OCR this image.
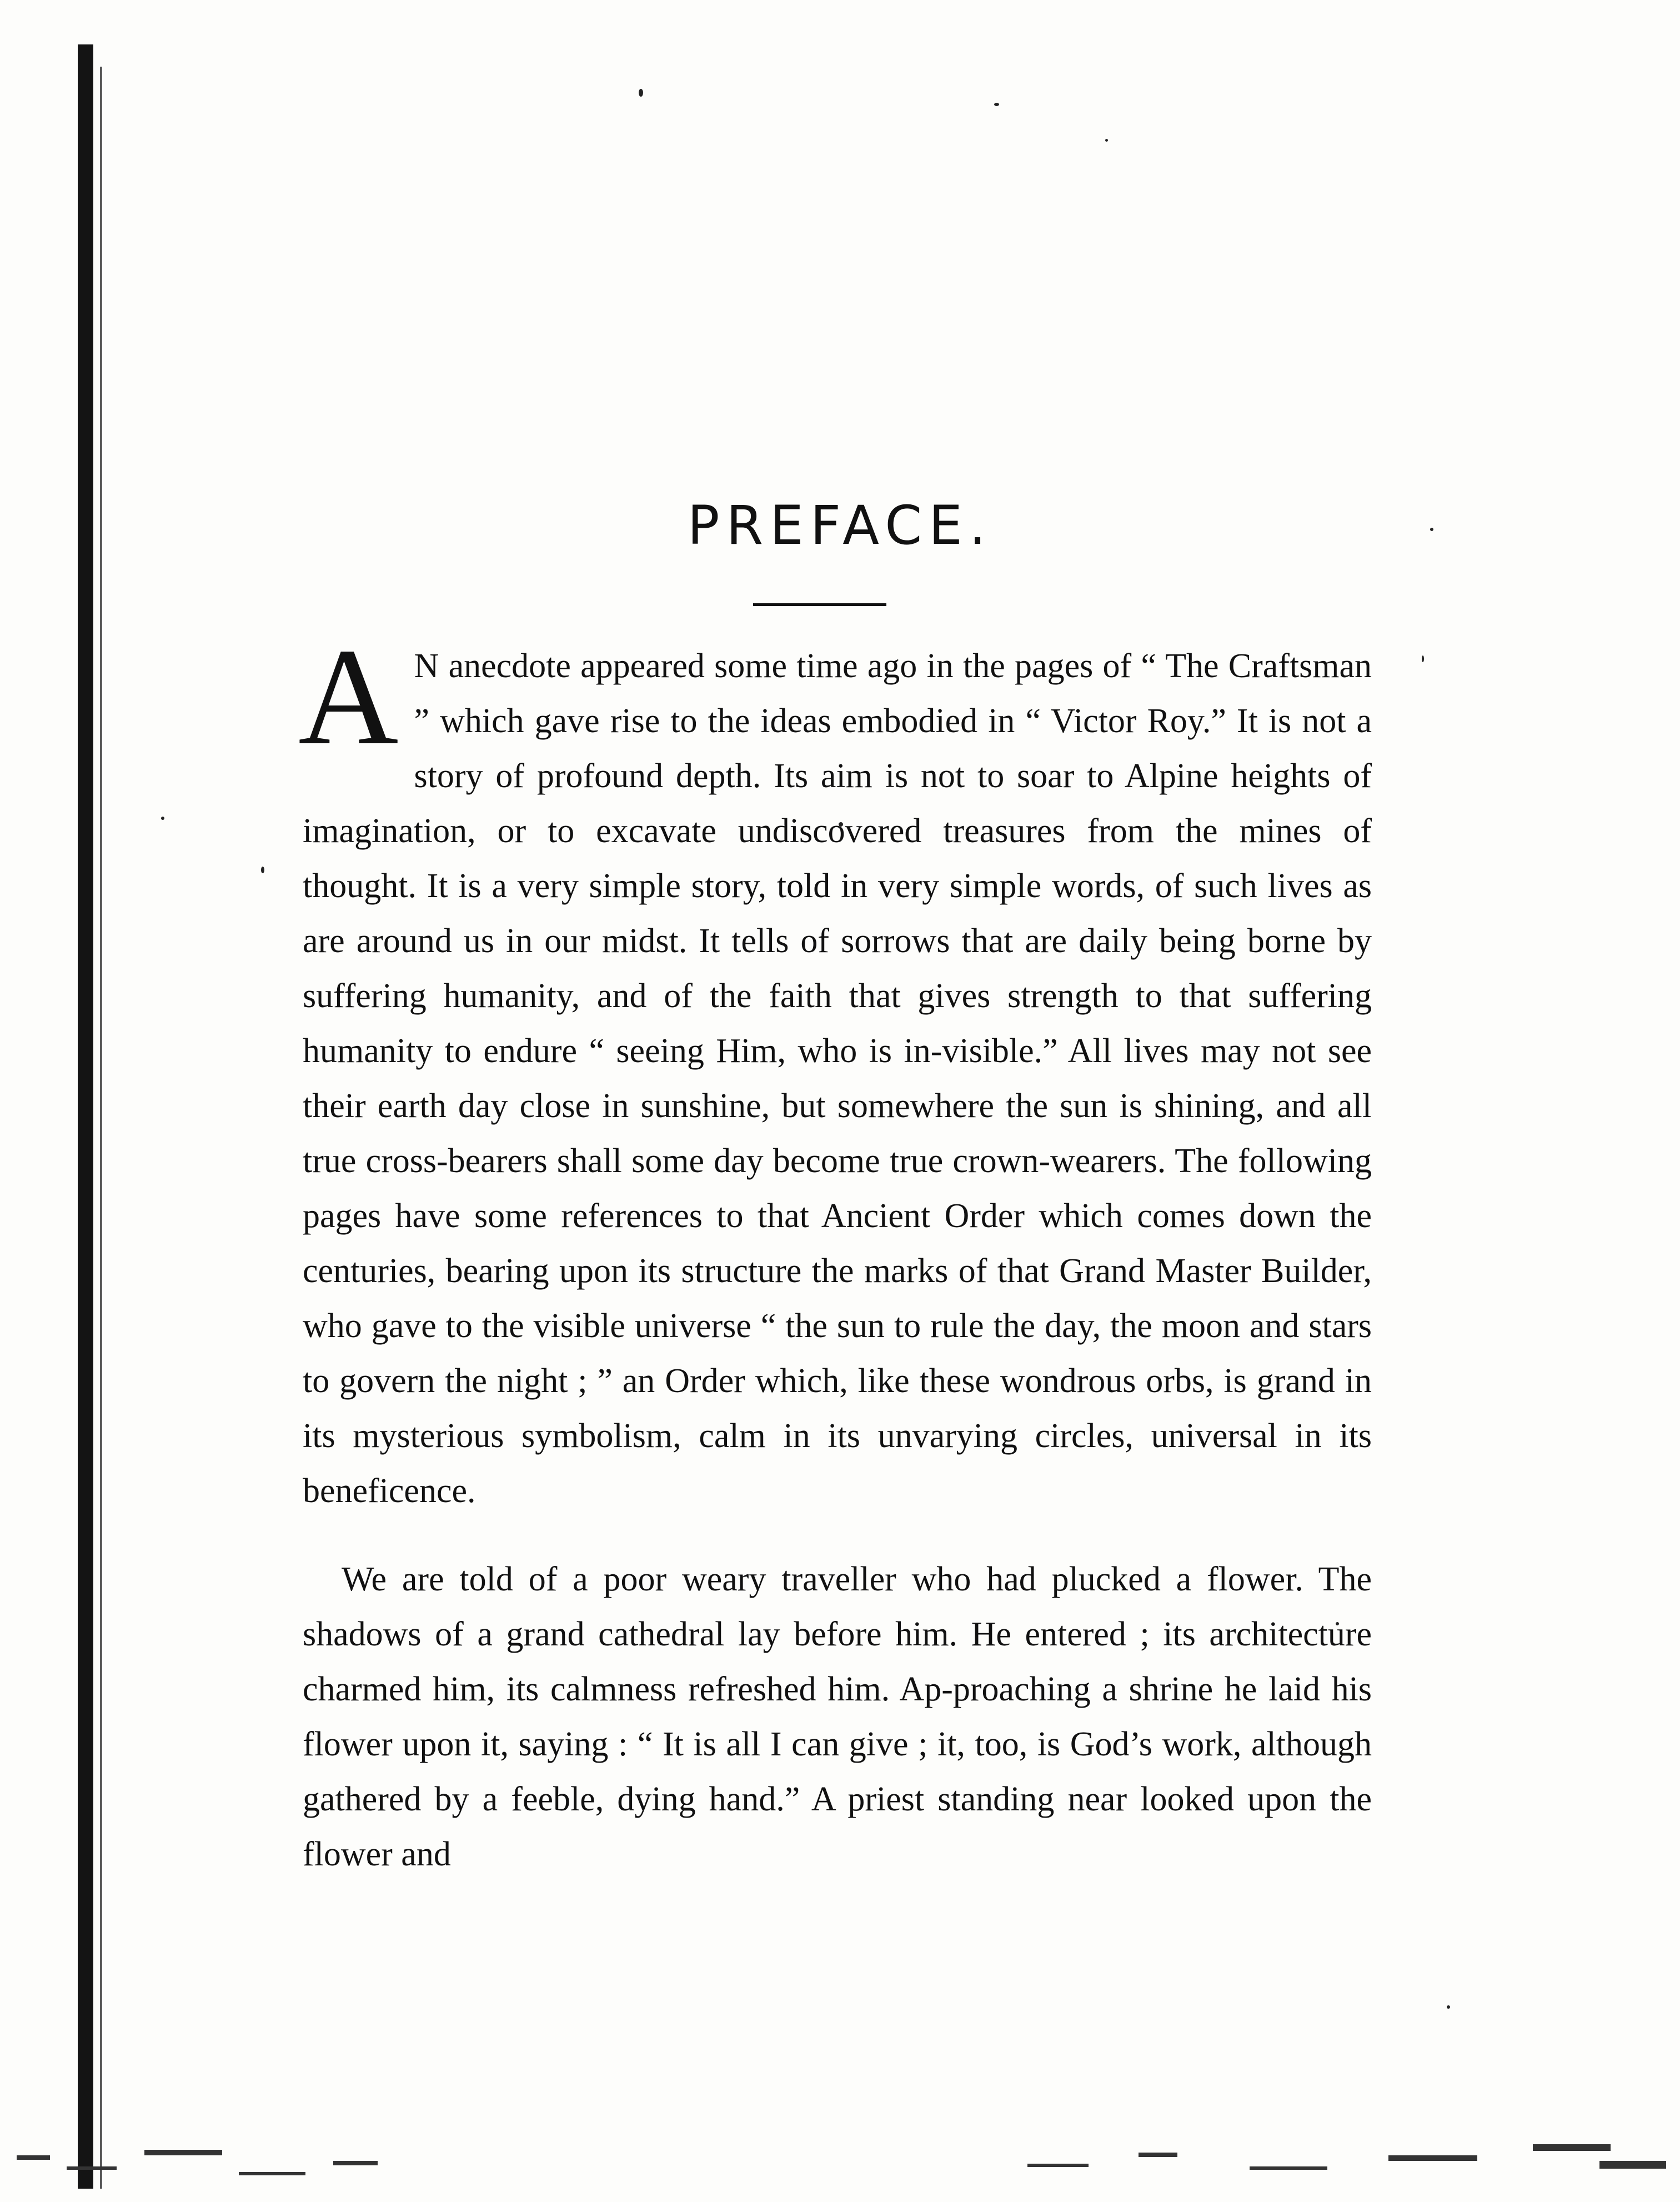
PREFACE.

A N anecdote appeared some time ago in the pages of “ The Craftsman ” which gave rise to the ideas embodied in “ Victor Roy.” It is not a story of profound depth. Its aim is not to soar to Alpine heights of imagination, or to excavate undiscovered treasures from the mines of thought. It is a very simple story, told in very simple words, of such lives as are around us in our midst. It tells of sorrows that are daily being borne by suffering humanity, and of the faith that gives strength to that suffering humanity to endure “ seeing Him, who is in-visible.” All lives may not see their earth day close in sunshine, but somewhere the sun is shining, and all true cross-bearers shall some day become true crown-wearers. The following pages have some references to that Ancient Order which comes down the centuries, bearing upon its structure the marks of that Grand Master Builder, who gave to the visible universe “ the sun to rule the day, the moon and stars to govern the night ; ” an Order which, like these wondrous orbs, is grand in its mysterious symbolism, calm in its unvarying circles, universal in its beneficence.

We are told of a poor weary traveller who had plucked a flower. The shadows of a grand cathedral lay before him. He entered ; its architecture charmed him, its calmness refreshed him. Ap-proaching a shrine he laid his flower upon it, saying : “ It is all I can give ; it, too, is God’s work, although gathered by a feeble, dying hand.” A priest standing near looked upon the flower and
